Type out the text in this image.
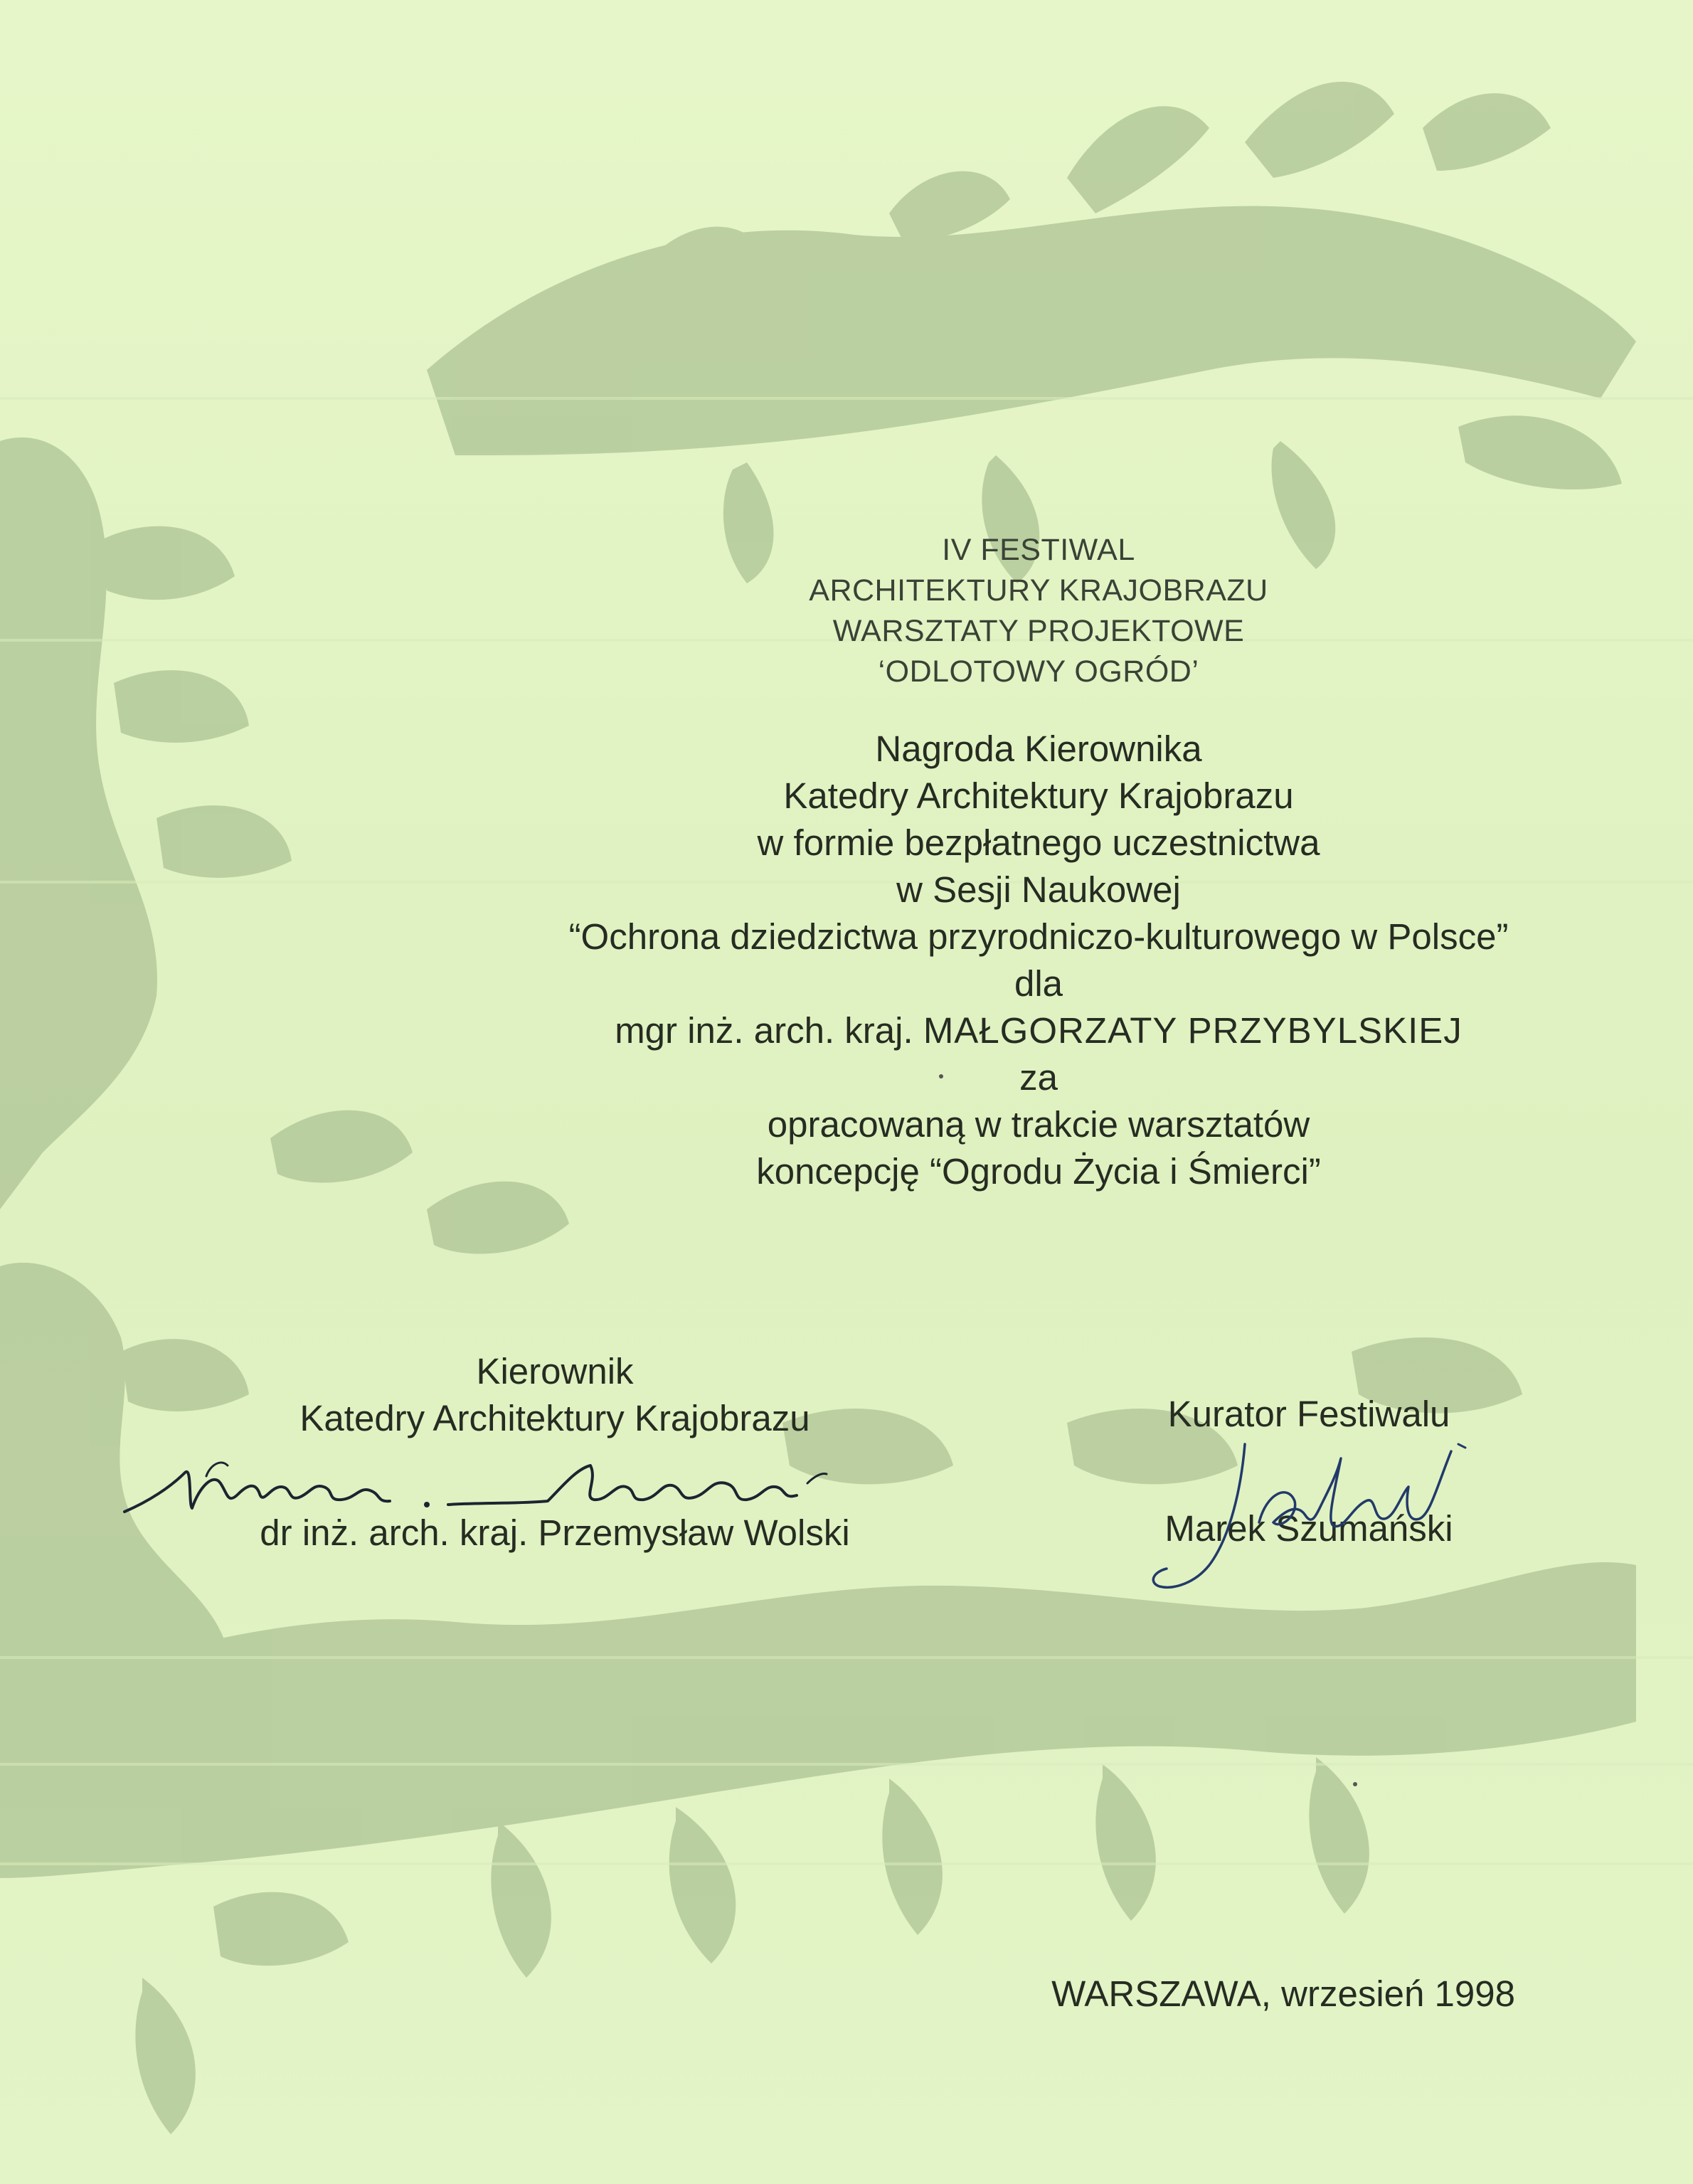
IV FESTIWAL
ARCHITEKTURY KRAJOBRAZU
WARSZTATY PROJEKTOWE
‘ODLOTOWY OGRÓD’
Nagroda Kierownika
Katedry Architektury Krajobrazu
w formie bezpłatnego uczestnictwa
w Sesji Naukowej
“Ochrona dziedzictwa przyrodniczo-kulturowego w Polsce”
dla
mgr inż. arch. kraj. MAŁGORZATY PRZYBYLSKIEJ
za
opracowaną w trakcie warsztatów
koncepcję “Ogrodu Życia i Śmierci”
Kierownik
Katedry Architektury Krajobrazu
dr inż. arch. kraj. Przemysław Wolski
Kurator Festiwalu
Marek Szumański
WARSZAWA, wrzesień 1998
